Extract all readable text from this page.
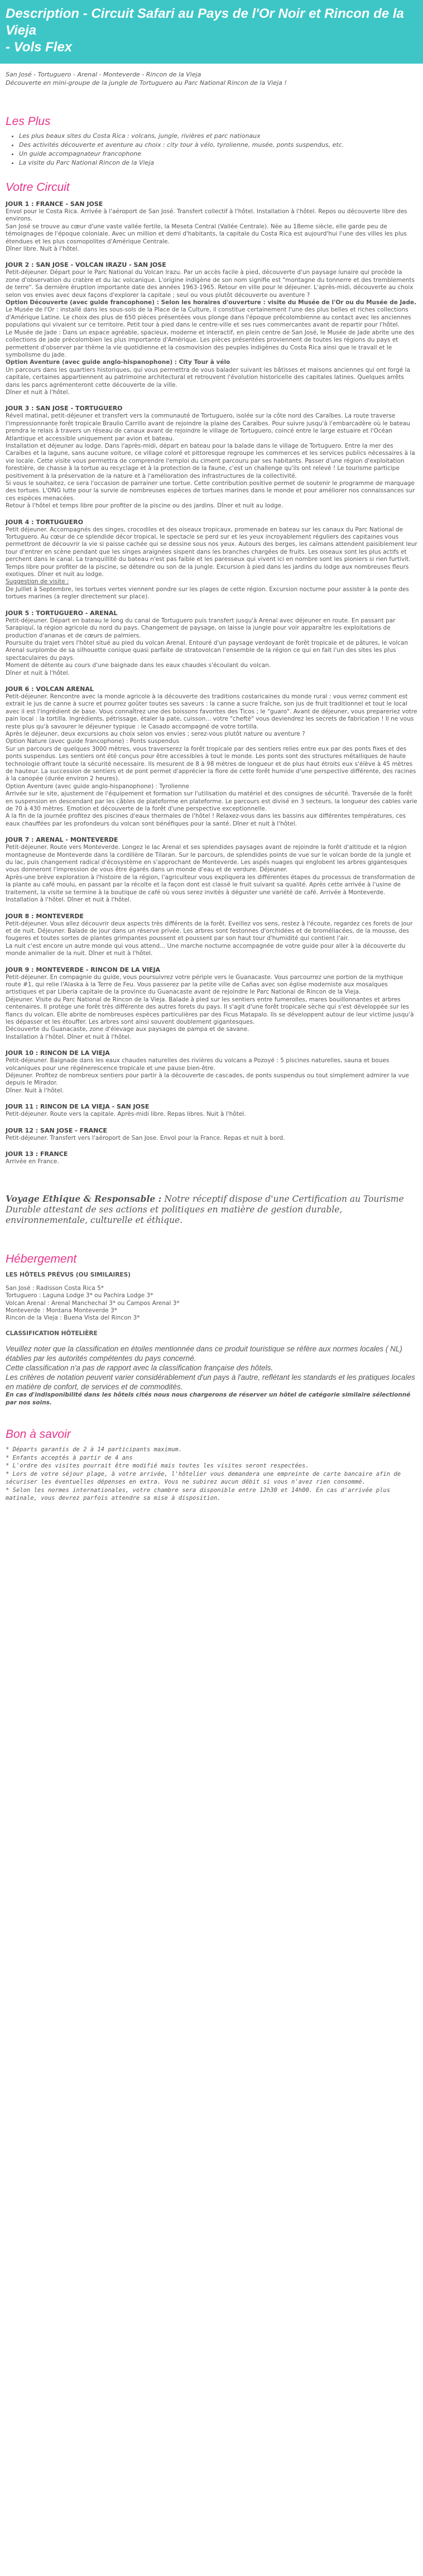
Description - Circuit Safari au Pays de l'Or Noir et Rincon de la Vieja
- Vols Flex
San José - Tortuguero - Arenal - Monteverde - Rincon de la Vieja
Découverte en mini-groupe de la jungle de Tortuguero au Parc National Rincon de la Vieja !
Les Plus
• Les plus beaux sites du Costa Rica : volcans, jungle, rivières et parc nationaux
• Des activités découverte et aventure au choix : city tour à vélo, tyrolienne, musée, ponts suspendus, etc.
• Un guide accompagnateur francophone
• La visite du Parc National Rincon de la Vieja
Votre Circuit
JOUR 1 : FRANCE - SAN JOSE
Envol pour le Costa Rica. Arrivée à l'aéroport de San José. Transfert collectif à l'hôtel. Installation à l'hôtel. Repos ou découverte libre des environs.
San José se trouve au cœur d'une vaste vallée fertile, la Meseta Central (Vallée Centrale). Née au 18eme siècle, elle garde peu de témoignages de l'époque coloniale. Avec un million et demi d'habitants, la capitale du Costa Rica est aujourd'hui l'une des villes les plus étendues et les plus cosmopolites d'Amérique Centrale.
Dîner libre. Nuit à l'hôtel.
JOUR 2 : SAN JOSE - VOLCAN IRAZU - SAN JOSE
Petit-déjeuner. Départ pour le Parc National du Volcan Irazu. Par un accès facile à pied, découverte d'un paysage lunaire qui procède la zone d'observation du cratère et du lac volcanique. L'origine indigène de son nom signifie est "montagne du tonnerre et des tremblements de terre". Sa dernière éruption importante date des années 1963-1965. Retour en ville pour le déjeuner. L'après-midi, découverte au choix selon vos envies avec deux façons d'explorer la capitale ; seul ou vous plutôt découverte ou aventure ?
Option Découverte (avec guide francophone) : Selon les horaires d'ouverture : visite du Musée de l'Or ou du Musée de Jade.
Le Musée de l'Or : installé dans les sous-sols de la Place de la Culture, il constitue certainement l'une des plus belles et riches collections d'Amérique Latine. Le choix des plus de 650 pièces présentées vous plonge dans l'époque précolombienne au contact avec les anciennes populations qui vivaient sur ce territoire. Petit tour à pied dans le centre-ville et ses rues commercantes avant de repartir pour l'hôtel.
Le Musée de Jade : Dans un espace agréable, spacieux, moderne et interactif, en plein centre de San José, le Musée de Jade abrite une des collections de jade précolombien les plus importante d'Amérique. Les pièces présentées proviennent de toutes les régions du pays et permettent d'observer par thème la vie quotidienne et la cosmovision des peuples indigènes du Costa Rica ainsi que le travail et le symbolisme du jade.
Option Aventure (avec guide anglo-hispanophone) : City Tour à vélo
Un parcours dans les quartiers historiques, qui vous permettra de vous balader suivant les bâtisses et maisons anciennes qui ont forgé la capitale, certaines appartiennent au patrimoine architectural et retrouvent l'évolution historicelle des capitales latines. Quelques arrêts dans les parcs agrémenteront cette découverte de la ville.
Dîner et nuit à l'hôtel.
JOUR 3 : SAN JOSE - TORTUGUERO
Réveil matinal, petit-déjeuner et transfert vers la communauté de Tortuguero, isolée sur la côte nord des Caraïbes. La route traverse l'impressionnante forêt tropicale Braulio Carrillo avant de rejoindre la plaine des Caraïbes. Pour suivre jusqu'à l'embarcadère où le bateau prendra le relais à travers un réseau de canaux avant de rejoindre le village de Tortuguero, coincé entre le large estuaire et l'Océan Atlantique et accessible uniquement par avion et bateau.
Installation et déjeuner au lodge. Dans l'après-midi, départ en bateau pour la balade dans le village de Tortuguero. Entre la mer des Caraïbes et la lagune, sans aucune voiture, ce village coloré et pittoresque regroupe les commerces et les services publics nécessaires à la vie locale. Cette visite vous permettra de comprendre l'emploi du ciment parcouru par ses habitants. Passer d'une région d'exploitation forestière, de chasse à la tortue au recyclage et à la protection de la faune, c'est un challenge qu'ils ont relevé ! Le tourisme participe positivement à la préservation de la nature et à l'amélioration des infrastructures de la collectivité.
Si vous le souhaitez, ce sera l'occasion de parrainer une tortue. Cette contribution positive permet de soutenir le programme de marquage des tortues. L'ONG lutte pour la survie de nombreuses espèces de tortues marines dans le monde et pour améliorer nos connaissances sur ces espèces menacées.
Retour à l'hôtel et temps libre pour profiter de la piscine ou des jardins. Dîner et nuit au lodge.
JOUR 4 : TORTUGUERO
Petit déjeuner. Accompagnés des singes, crocodiles et des oiseaux tropicaux, promenade en bateau sur les canaux du Parc National de Tortuguero. Au cœur de ce splendide décor tropical, le spectacle se perd sur et les yeux incroyablement réguliers des capitaines vous permettront de découvrir la vie si paisse cachée qui se dessine sous nos yeux. Autours des berges, les caïmans attendent paisiblement leur tour d'entrer en scène pendant que les singes araignées sispent dans les branches chargées de fruits. Les oiseaux sont les plus actifs et perchent dans le canal. La tranquillité du bateau n'est pas faible et les paresseux qui vivent ici en nombre sont les pioniers si rien furtivit.
Temps libre pour profiter de la piscine, se détendre ou son de la jungle. Excursion à pied dans les jardins du lodge aux nombreuses fleurs exotiques. Dîner et nuit au lodge.
Suggestion de visite :
De Juillet à Septembre, les tortues vertes viennent pondre sur les plages de cette région. Excursion nocturne pour assister à la ponte des tortues marines (a regler directement sur place).
JOUR 5 : TORTUGUERO - ARENAL
Petit-déjeuner. Départ en bateau le long du canal de Tortuguero puis transfert jusqu'à Arenal avec déjeuner en route. En passant par Sarapiquí, la région agricole du nord du pays. Changement de paysage, on laisse la jungle pour voir apparaître les exploitations de production d'ananas et de cœurs de palmiers.
Poursuite du trajet vers l'hôtel situé au pied du volcan Arenal. Entouré d'un paysage verdoyant de forêt tropicale et de pâtures, le volcan Arenal surplombe de sa silhouette conique quasi parfaite de stratovolcan l'ensemble de la région ce qui en fait l'un des sites les plus spectaculaires du pays.
Moment de détente au cours d'une baignade dans les eaux chaudes s'écoulant du volcan.
Dîner et nuit à l'hôtel.
JOUR 6 : VOLCAN ARENAL
Petit-déjeuner. Rencontre avec la monde agricole à la découverte des traditions costaricaines du monde rural : vous verrez comment est extrait le jus de canne à sucre et pourrez goûter toutes ses saveurs : la canne a sucre fraîche, son jus de fruit traditionnel et tout le local avec il est l'ingrédient de base. Vous connaîtrez une des boissons favorites des Ticos ; le "guaro". Avant de déjeuner, vous prepareriez votre pain local : la tortilla. Ingrédients, pétrissage, étaler la pate, cuisson... votre "chefté" vous deviendrez les secrets de fabrication ! Il ne vous reste plus qu'à savourer le déjeuner typique : le Casado accompagné de votre tortilla.
Après le déjeuner, deux excursions au choix selon vos envies ; serez-vous plutôt nature ou aventure ?
Option Nature (avec guide francophone) : Ponts suspendus
Sur un parcours de quelques 3000 mètres, vous traverserez la forêt tropicale par des sentiers relies entre eux par des ponts fixes et des ponts suspendus. Les sentiers ont été conçus pour être accessibles à tout le monde. Les ponts sont des structures métalliques de haute technologie offrant toute la sécurité necessaire. Ils mesurent de 8 à 98 mètres de longueur et de plus haut étroits eux s'élève à 45 mètres de hauteur. La succession de sentiers et de pont permet d'apprécier la flore de cette forêt humide d'une perspective différente, des racines à la canopée (durée environ 2 heures).
Option Aventure (avec guide anglo-hispanophone) : Tyrolienne
Arrivée sur le site, ajustement de l'équipement et formation sur l'utilisation du matériel et des consignes de sécurité. Traversée de la forêt en suspension en descendant par les câbles de plateforme en plateforme. Le parcours est divisé en 3 secteurs, la longueur des cables varie de 70 à 430 mètres. Emotion et découverte de la forêt d'une perspective exceptionnelle.
A la fin de la journée profitez des piscines d'eaux thermales de l'hôtel ! Relaxez-vous dans les bassins aux différentes températures, ces eaux chauffées par les profondeurs du volcan sont bénéfiques pour la santé. Dîner et nuit à l'hôtel.
JOUR 7 : ARENAL - MONTEVERDE
Petit-déjeuner. Route vers Monteverde. Longez le lac Arenal et ses splendides paysages avant de rejoindre la forêt d'altitude et la région montagneuse de Monteverde dans la cordillère de Tilaran. Sur le parcours, de splendides points de vue sur le volcan borde de la jungle et du lac, puis changement radical d'écosystème en s'approchant de Monteverde. Les aspés nuages qui englobent les arbres gigantesques vous donneront l'impression de vous être égarés dans un monde d'eau et de verdure. Déjeuner.
Après-une brève exploration à l'histoire de la région, l'agriculteur vous expliquera les différentes étapes du processus de transformation de la plante au café moulu, en passant par la récolte et la façon dont est classé le fruit suivant sa qualité. Après cette arrivée à l'usine de traitement, la visite se termine à la boutique de café où vous serez invités à déguster une variété de café. Arrivée à Monteverde. Installation à l'hôtel. Dîner et nuit à l'hôtel.
JOUR 8 : MONTEVERDE
Petit-déjeuner. Vous allez découvrir deux aspects très différents de la forêt. Eveillez vos sens, restez à l'écoute, regardez ces forets de jour et de nuit. Déjeuner. Balade de jour dans un réserve privée. Les arbres sont festonnes d'orchidées et de broméliacées, de la mousse, des fougeres et toutes sortes de plantes grimpantes poussent et poussent par son haut tour d'humidité qui contient l'air.
La nuit c'est encore un autre monde qui vous attend... Une marche nocturne accompagnée de votre guide pour aller à la découverte du monde animalier de la nuit. Dîner et nuit à l'hôtel.
JOUR 9 : MONTEVERDE - RINCON DE LA VIEJA
Petit-déjeuner. En compagnie du guide, vous poursuivrez votre périple vers le Guanacaste. Vous parcourrez une portion de la mythique route #1, qui relie l'Alaska à la Terre de Feu. Vous passerez par la petite ville de Cañas avec son église moderniste aux mosaïques artistiques et par Liberia capitale de la province du Guanacaste avant de rejoindre le Parc National de Rincon de la Vieja.
Déjeuner. Visite du Parc National de Rincon de la Vieja. Balade à pied sur les sentiers entre fumerolles, mares bouillonnantes et arbres centenaires. Il protège une forêt très différente des autres forets du pays. Il s'agit d'une forêt tropicale sèche qui s'est développée sur les flancs du volcan. Elle abrite de nombreuses espèces particulières par des Ficus Matapalo. Ils se développent autour de leur victime jusqu'à les dépasser et les étouffer. Les arbres sont ainsi souvent doublement gigantesques.
Découverte du Guanacaste, zone d'élevage aux paysages de pampa et de savane.
Installation à l'hôtel. Dîner et nuit à l'hôtel.
JOUR 10 : RINCON DE LA VIEJA
Petit-déjeuner. Baignade dans les eaux chaudes naturelles des rivières du volcans a Pozoyé : 5 piscines naturelles, sauna et boues volcaniques pour une régénerescence tropicale et une pause bien-être.
Déjeuner. Profitez de nombreux sentiers pour partir à la découverte de cascades, de ponts suspendus ou tout simplement admirer la vue depuis le Mirador.
Dîner. Nuit à l'hôtel.
JOUR 11 : RINCON DE LA VIEJA - SAN JOSE
Petit-déjeuner. Route vers la capitale. Après-midi libre. Repas libres. Nuit à l'hôtel.
JOUR 12 : SAN JOSE - FRANCE
Petit-déjeuner. Transfert vers l'aéroport de San Jose. Envol pour la France. Repas et nuit à bord.
JOUR 13 : FRANCE
Arrivée en France.
Voyage Ethique & Responsable : Notre réceptif dispose d'une Certification au Tourisme Durable attestant de ses actions et politiques en matière de gestion durable, environnementale, culturelle et éthique.
Hébergement
LES HÔTELS PRÉVUS (OU SIMILAIRES)
San José : Radisson Costa Rica 5*
Tortuguero : Laguna Lodge 3* ou Pachira Lodge 3*
Volcan Arenal : Arenal Manchechal 3* ou Campos Arenal 3*
Monteverde : Montana Monteverde 3*
Rincon de la Vieja : Buena Vista del Rincon 3*
CLASSIFICATION HÔTELIÈRE
Veuillez noter que la classification en étoiles mentionnée dans ce produit touristique se réfère aux normes locales ( NL) établies par les autorités compétentes du pays concerné.
Cette classification n'a pas de rapport avec la classification française des hôtels.
Les critères de notation peuvent varier considérablement d'un pays à l'autre, reflétant les standards et les pratiques locales en matière de confort, de services et de commodités.
En cas d'indisponibilité dans les hôtels cités nous nous chargerons de réserver un hôtel de catégorie similaire sélectionné par nos soins.
Bon à savoir
* Départs garantis de 2 à 14 participants maximum.
* Enfants acceptés à partir de 4 ans
* L'ordre des visites pourrait être modifié mais toutes les visites seront respectées.
* Lors de votre séjour plage, à votre arrivée, l'hôtelier vous demandera une empreinte de carte bancaire afin de sécuriser les éventuelles dépenses en extra. Vous ne subirez aucun débit si vous n'avez rien consommé.
* Selon les normes internationales, votre chambre sera disponible entre 12h30 et 14h00. En cas d'arrivée plus matinale, vous devrez parfois attendre sa mise à disposition.
